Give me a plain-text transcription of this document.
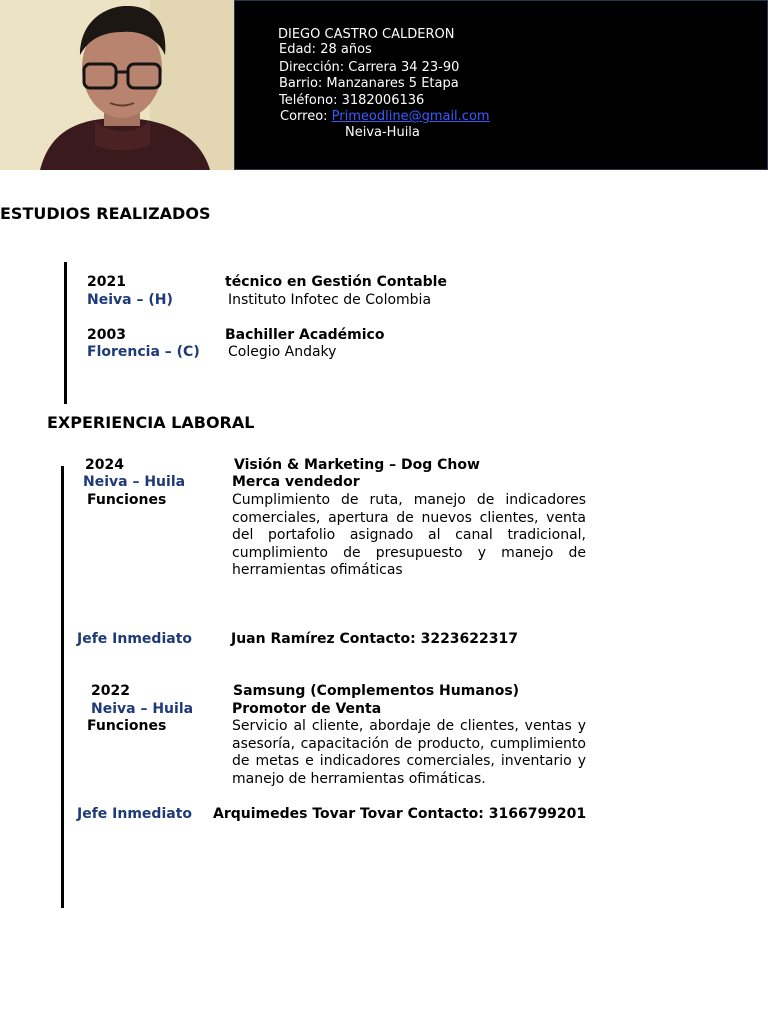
DIEGO CASTRO CALDERON
Edad: 28 años
Dirección: Carrera 34 23-90
Barrio: Manzanares 5 Etapa
Teléfono: 3182006136
Correo: Primeodline@gmail.com
Neiva-Huila
ESTUDIOS REALIZADOS
2021	técnico en Gestión Contable
Neiva – (H)	Instituto Infotec de Colombia
2003	Bachiller Académico
Florencia – (C) Colegio Andaky
EXPERIENCIA LABORAL
2024	Visión & Marketing – Dog Chow
Neiva – Huila	Merca vendedor
Funciones	Cumplimiento de ruta, manejo de indicadores comerciales, apertura de nuevos clientes, venta del portafolio asignado al canal tradicional, cumplimiento de presupuesto y manejo de herramientas ofimáticas
Jefe Inmediato	Juan Ramírez Contacto: 3223622317
2022	Samsung (Complementos Humanos)
Neiva – Huila	Promotor de Venta
Funciones	Servicio al cliente, abordaje de clientes, ventas y asesoría, capacitación de producto, cumplimiento de metas e indicadores comerciales, inventario y manejo de herramientas ofimáticas.
Jefe Inmediato Arquimedes Tovar Tovar Contacto: 3166799201
